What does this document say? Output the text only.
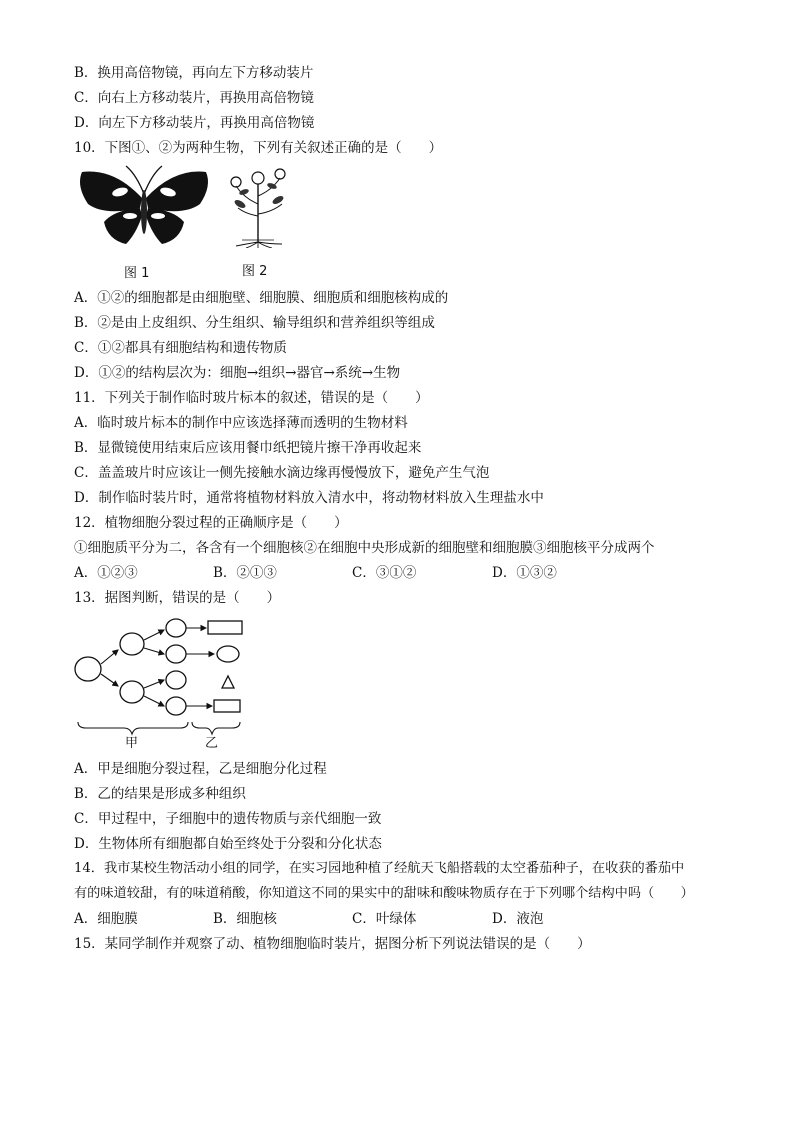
B．换用高倍物镜，再向左下方移动装片
C．向右上方移动装片，再换用高倍物镜
D．向左下方移动装片，再换用高倍物镜
10．下图①、②为两种生物，下列有关叙述正确的是（　　）
图 1	图 2
A．①②的细胞都是由细胞壁、细胞膜、细胞质和细胞核构成的
B．②是由上皮组织、分生组织、输导组织和营养组织等组成
C．①②都具有细胞结构和遗传物质
D．①②的结构层次为：细胞→组织→器官→系统→生物
11．下列关于制作临时玻片标本的叙述，错误的是（　　）
A．临时玻片标本的制作中应该选择薄而透明的生物材料
B．显微镜使用结束后应该用餐巾纸把镜片擦干净再收起来
C．盖盖玻片时应该让一侧先接触水滴边缘再慢慢放下，避免产生气泡
D．制作临时装片时，通常将植物材料放入清水中，将动物材料放入生理盐水中
12．植物细胞分裂过程的正确顺序是（　　）
①细胞质平分为二，各含有一个细胞核②在细胞中央形成新的细胞壁和细胞膜③细胞核平分成两个
A．①②③	B．②①③	C．③①②	D．①③②
13．据图判断，错误的是（　　）
甲	乙
A．甲是细胞分裂过程，乙是细胞分化过程
B．乙的结果是形成多种组织
C．甲过程中，子细胞中的遗传物质与亲代细胞一致
D．生物体所有细胞都自始至终处于分裂和分化状态
14．我市某校生物活动小组的同学，在实习园地种植了经航天飞船搭载的太空番茄种子，在收获的番茄中
有的味道较甜，有的味道稍酸，你知道这不同的果实中的甜味和酸味物质存在于下列哪个结构中吗（　　）
A．细胞膜	B．细胞核	C．叶绿体	D．液泡
15．某同学制作并观察了动、植物细胞临时装片，据图分析下列说法错误的是（　　）
